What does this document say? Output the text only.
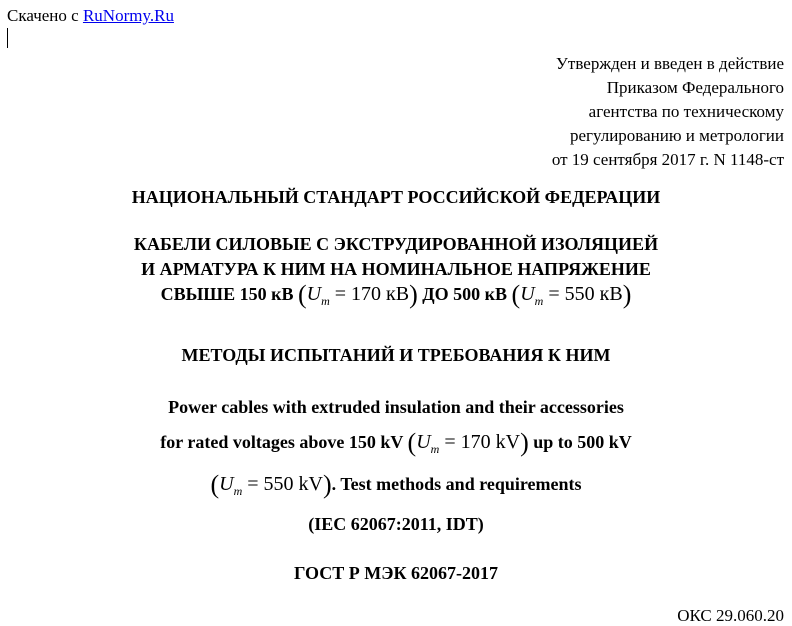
Скачено с RuNormy.Ru
Утвержден и введен в действие
Приказом Федерального
агентства по техническому
регулированию и метрологии
от 19 сентября 2017 г. N 1148-ст
НАЦИОНАЛЬНЫЙ СТАНДАРТ РОССИЙСКОЙ ФЕДЕРАЦИИ
КАБЕЛИ СИЛОВЫЕ С ЭКСТРУДИРОВАННОЙ ИЗОЛЯЦИЕЙ
И АРМАТУРА К НИМ НА НОМИНАЛЬНОЕ НАПРЯЖЕНИЕ
СВЫШЕ 150 кВ ($U_m = 170$ кВ) ДО 500 кВ ($U_m = 550$ кВ)
МЕТОДЫ ИСПЫТАНИЙ И ТРЕБОВАНИЯ К НИМ
Power cables with extruded insulation and their accessories
for rated voltages above 150 kV ($U_m = 170$ kV) up to 500 kV
($U_m = 550$ kV). Test methods and requirements
(IEC 62067:2011, IDT)
ГОСТ Р МЭК 62067-2017
ОКС 29.060.20
